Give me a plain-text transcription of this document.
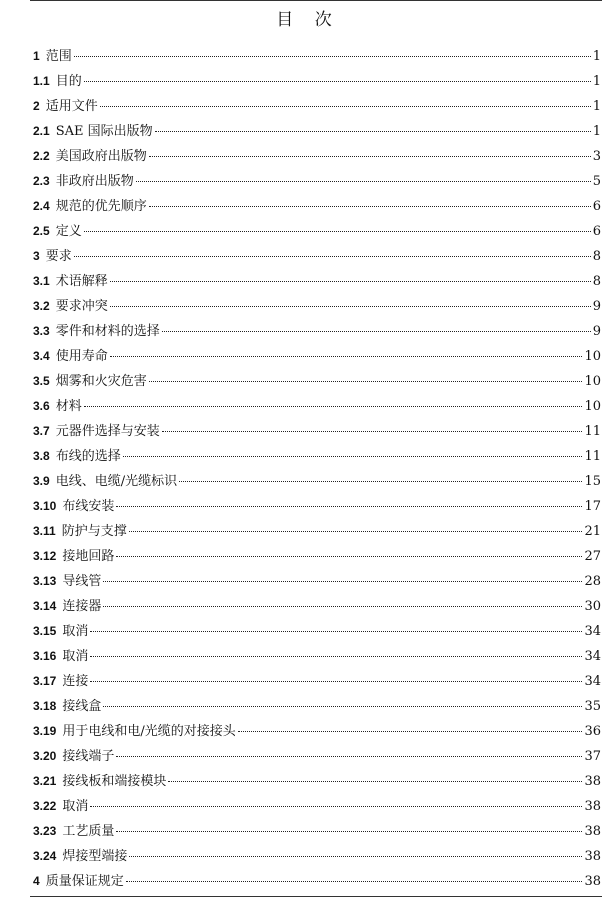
目 次
1 范围	1
1.1 目的	1
2 适用文件	1
2.1 SAE 国际出版物	1
2.2 美国政府出版物	3
2.3 非政府出版物	5
2.4 规范的优先顺序	6
2.5 定义	6
3 要求	8
3.1 术语解释	8
3.2 要求冲突	9
3.3 零件和材料的选择	9
3.4 使用寿命	10
3.5 烟雾和火灾危害	10
3.6 材料	10
3.7 元器件选择与安装	11
3.8 布线的选择	11
3.9 电线、电缆/光缆标识	15
3.10 布线安装	17
3.11 防护与支撑	21
3.12 接地回路	27
3.13 导线管	28
3.14 连接器	30
3.15 取消	34
3.16 取消	34
3.17 连接	34
3.18 接线盒	35
3.19 用于电线和电/光缆的对接接头	36
3.20 接线端子	37
3.21 接线板和端接模块	38
3.22 取消	38
3.23 工艺质量	38
3.24 焊接型端接	38
4 质量保证规定	38
